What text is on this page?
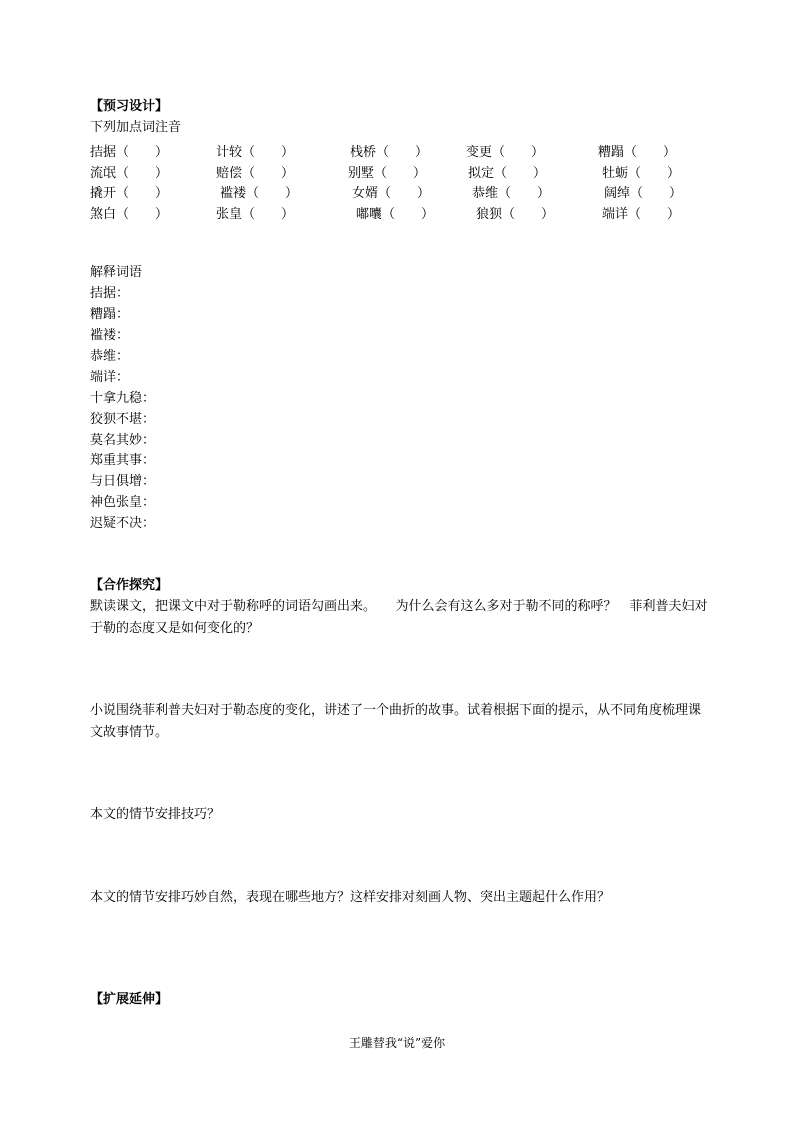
【预习设计】
下列加点词注音
拮据（　　）	计较（　　）	栈桥（　　）	变更（　　）	糟蹋（　　）
流氓（　　）	赔偿（　　）	别墅（　　）	拟定（　　）	牡蛎（　　）
撬开（　　）	褴褛（　　）	女婿（　　）	恭维（　　）	阔绰（　　）
煞白（　　）	张皇（　　）	嘟囔（　　）	狼狈（　　）	端详（　　）
解释词语
拮据：
糟蹋：
褴褛：
恭维：
端详：
十拿九稳：
狡狈不堪：
莫名其妙：
郑重其事：
与日俱增：
神色张皇：
迟疑不决：
【合作探究】
默读课文，把课文中对于勒称呼的词语勾画出来。　　为什么会有这么多对于勒不同的称呼？　菲利普夫妇对于勒的态度又是如何变化的？
小说围绕菲利普夫妇对于勒态度的变化，讲述了一个曲折的故事。试着根据下面的提示，从不同角度梳理课文故事情节。
本文的情节安排技巧？
本文的情节安排巧妙自然，表现在哪些地方？这样安排对刻画人物、突出主题起什么作用？
【扩展延伸】
王雕替我“说”爱你
